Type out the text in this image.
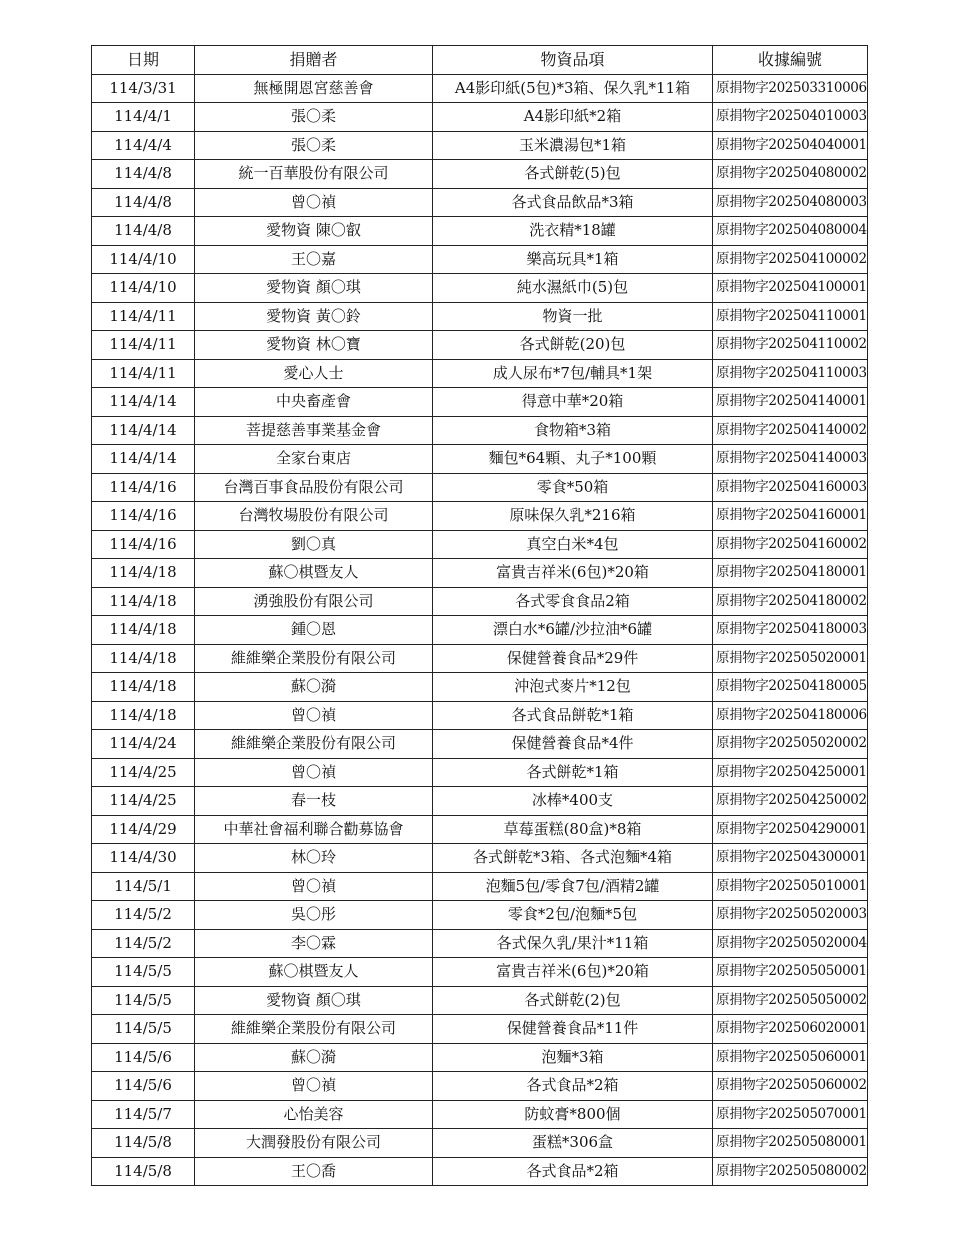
日期	捐贈者	物資品項	收據編號
114/3/31	無極開恩宮慈善會	A4影印紙(5包)*3箱、保久乳*11箱	原捐物字202503310006
114/4/1	張〇柔	A4影印紙*2箱	原捐物字202504010003
114/4/4	張〇柔	玉米濃湯包*1箱	原捐物字202504040001
114/4/8	統一百華股份有限公司	各式餅乾(5)包	原捐物字202504080002
114/4/8	曾〇禎	各式食品飲品*3箱	原捐物字202504080003
114/4/8	愛物資 陳〇叡	洗衣精*18罐	原捐物字202504080004
114/4/10	王〇嘉	樂高玩具*1箱	原捐物字202504100002
114/4/10	愛物資 顏〇琪	純水濕紙巾(5)包	原捐物字202504100001
114/4/11	愛物資 黃〇鈴	物資一批	原捐物字202504110001
114/4/11	愛物資 林〇寶	各式餅乾(20)包	原捐物字202504110002
114/4/11	愛心人士	成人尿布*7包/輔具*1架	原捐物字202504110003
114/4/14	中央畜產會	得意中華*20箱	原捐物字202504140001
114/4/14	菩提慈善事業基金會	食物箱*3箱	原捐物字202504140002
114/4/14	全家台東店	麵包*64顆、丸子*100顆	原捐物字202504140003
114/4/16	台灣百事食品股份有限公司	零食*50箱	原捐物字202504160003
114/4/16	台灣牧場股份有限公司	原味保久乳*216箱	原捐物字202504160001
114/4/16	劉〇真	真空白米*4包	原捐物字202504160002
114/4/18	蘇〇棋暨友人	富貴吉祥米(6包)*20箱	原捐物字202504180001
114/4/18	湧強股份有限公司	各式零食食品2箱	原捐物字202504180002
114/4/18	鍾〇恩	漂白水*6罐/沙拉油*6罐	原捐物字202504180003
114/4/18	維維樂企業股份有限公司	保健營養食品*29件	原捐物字202505020001
114/4/18	蘇〇漪	沖泡式麥片*12包	原捐物字202504180005
114/4/18	曾〇禎	各式食品餅乾*1箱	原捐物字202504180006
114/4/24	維維樂企業股份有限公司	保健營養食品*4件	原捐物字202505020002
114/4/25	曾〇禎	各式餅乾*1箱	原捐物字202504250001
114/4/25	春一枝	冰棒*400支	原捐物字202504250002
114/4/29	中華社會福利聯合勸募協會	草莓蛋糕(80盒)*8箱	原捐物字202504290001
114/4/30	林〇玲	各式餅乾*3箱、各式泡麵*4箱	原捐物字202504300001
114/5/1	曾〇禎	泡麵5包/零食7包/酒精2罐	原捐物字202505010001
114/5/2	吳〇彤	零食*2包/泡麵*5包	原捐物字202505020003
114/5/2	李〇霖	各式保久乳/果汁*11箱	原捐物字202505020004
114/5/5	蘇〇棋暨友人	富貴吉祥米(6包)*20箱	原捐物字202505050001
114/5/5	愛物資 顏〇琪	各式餅乾(2)包	原捐物字202505050002
114/5/5	維維樂企業股份有限公司	保健營養食品*11件	原捐物字202506020001
114/5/6	蘇〇漪	泡麵*3箱	原捐物字202505060001
114/5/6	曾〇禎	各式食品*2箱	原捐物字202505060002
114/5/7	心怡美容	防蚊膏*800個	原捐物字202505070001
114/5/8	大潤發股份有限公司	蛋糕*306盒	原捐物字202505080001
114/5/8	王〇喬	各式食品*2箱	原捐物字202505080002
